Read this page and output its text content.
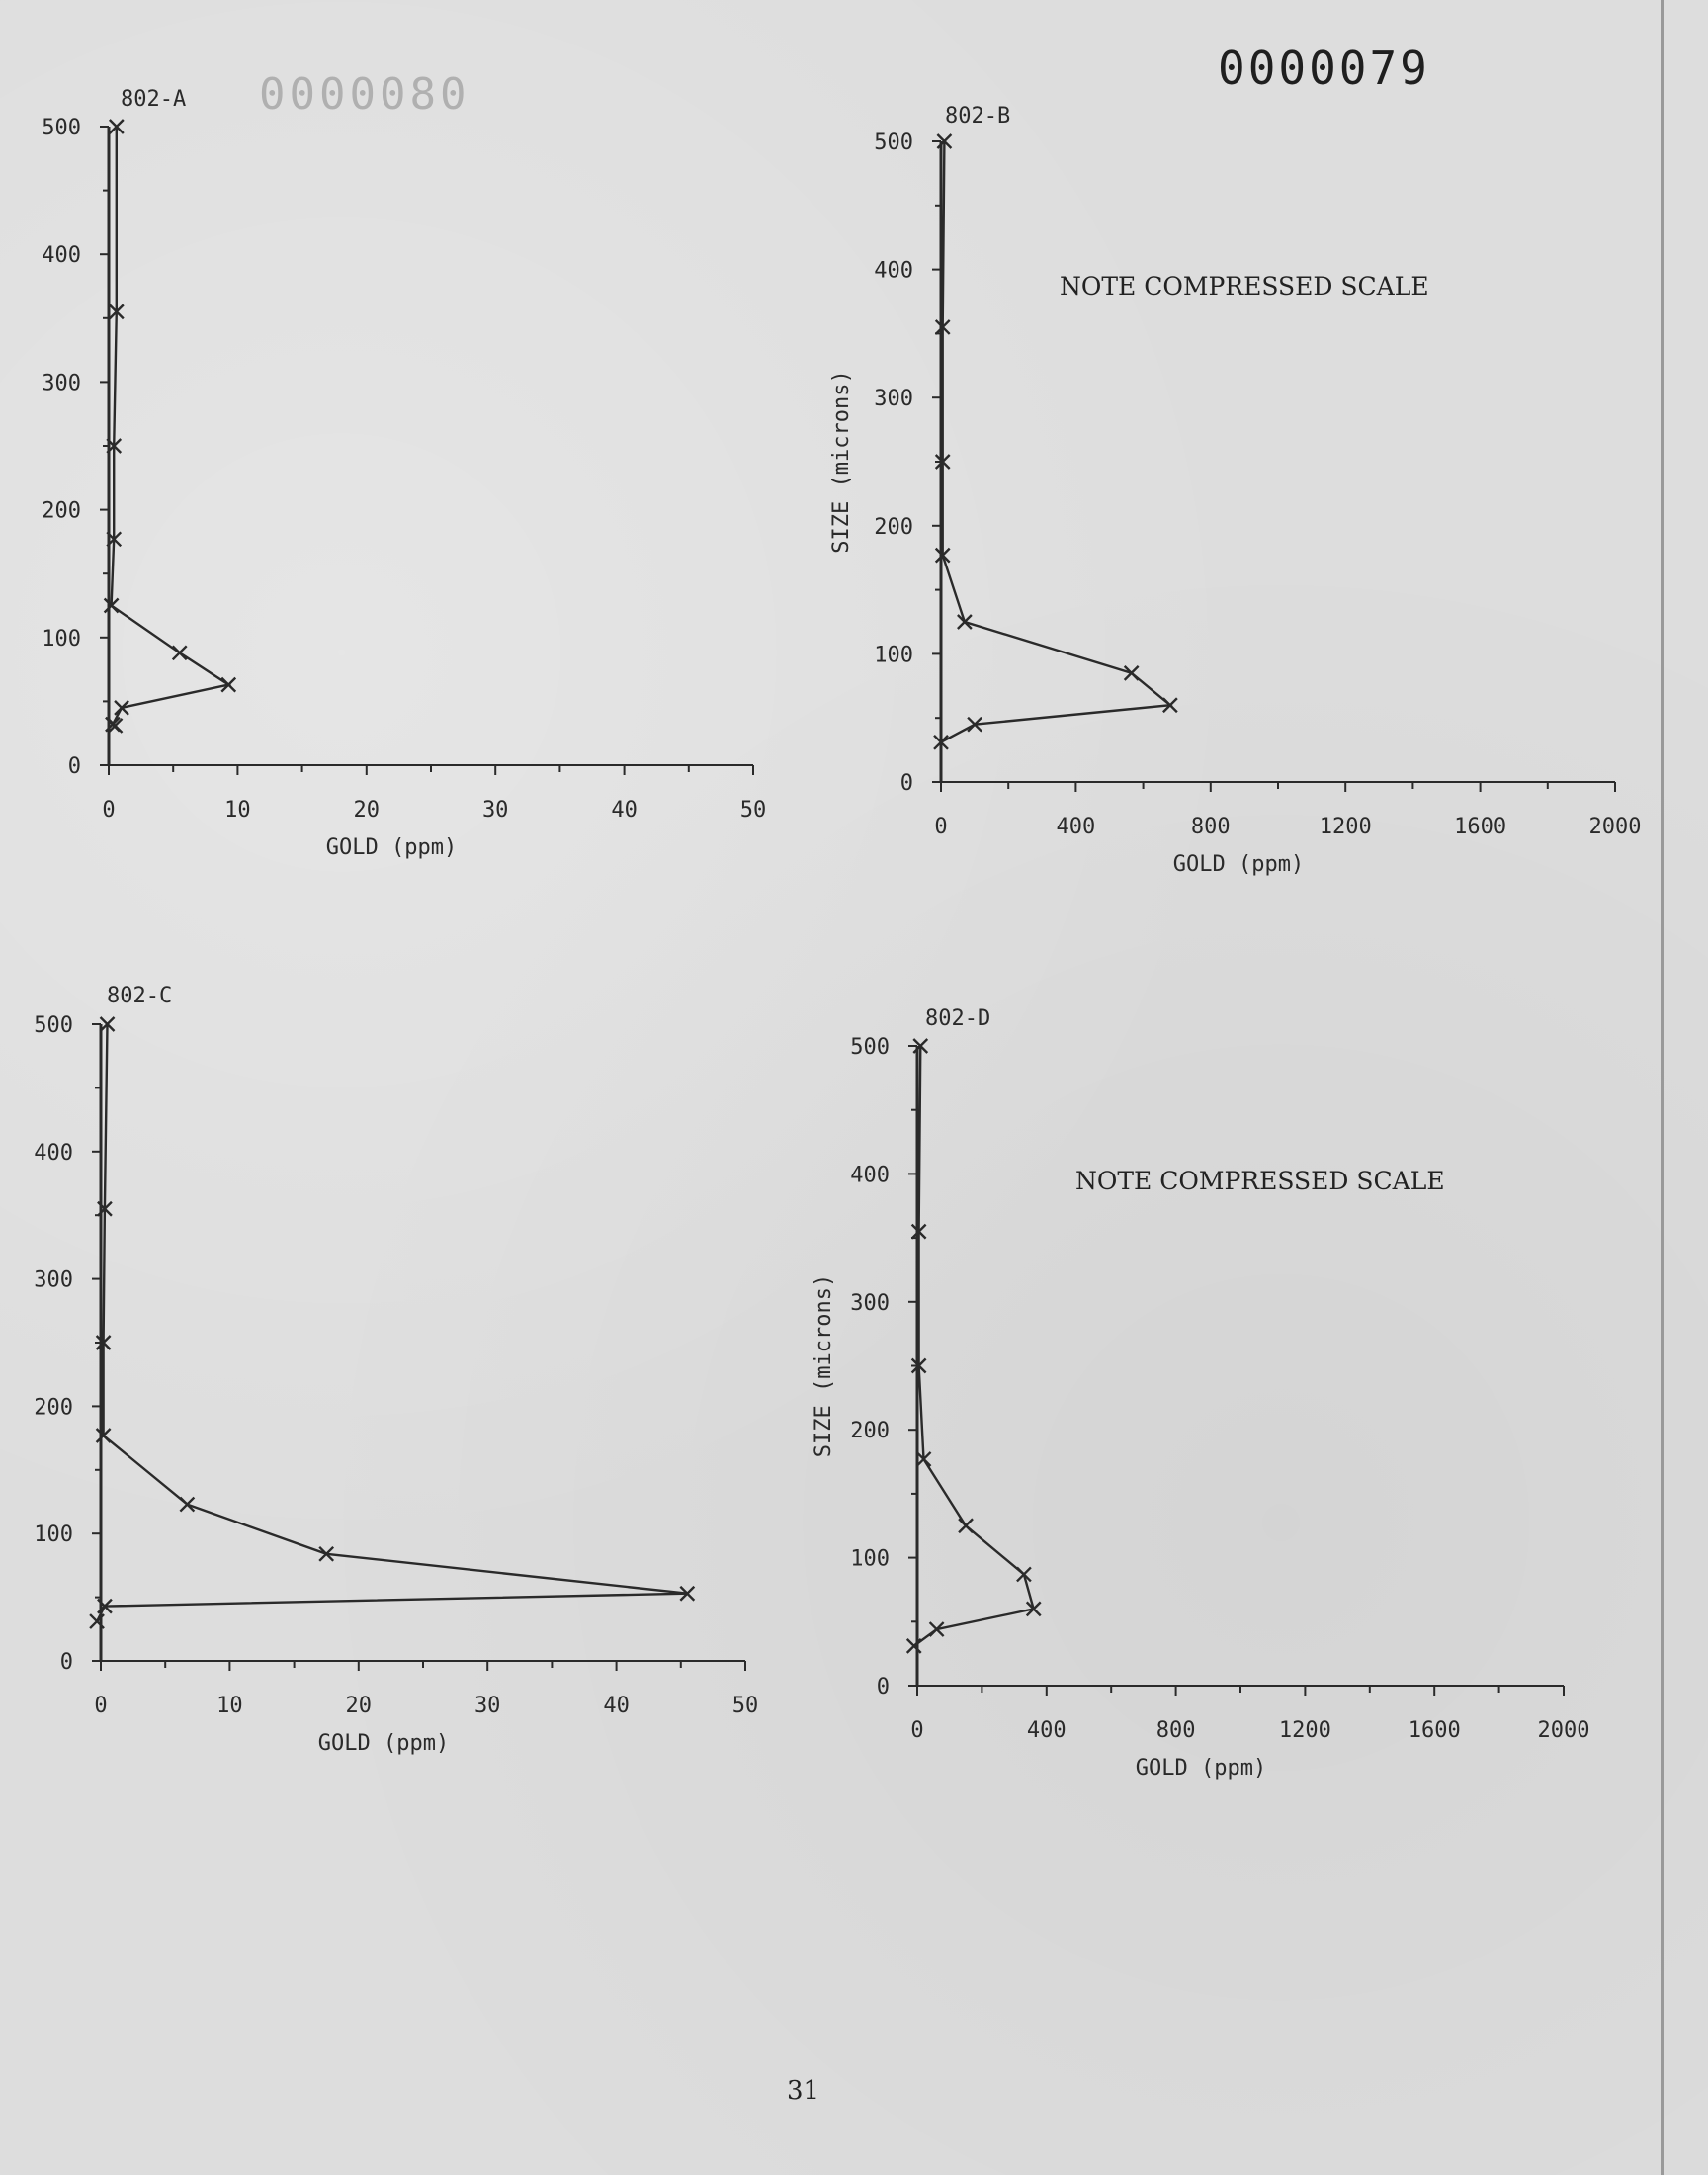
0800000	0000079
0	10	20	30	40	50
0
100
200
300
400
500
802-A
GOLD (ppm)
0	400	800	1200	1600	2000
0
100
200
300
400
500
802-B
GOLD (ppm)
SIZE (microns)
0	10	20	30	40	50
0
100
200
300
400
500
802-C
GOLD (ppm)
0	400	800	1200	1600	2000
0
100
200
300
400
500
802-D
GOLD (ppm)
SIZE (microns)
NOTE COMPRESSED SCALE
NOTE COMPRESSED SCALE
31
